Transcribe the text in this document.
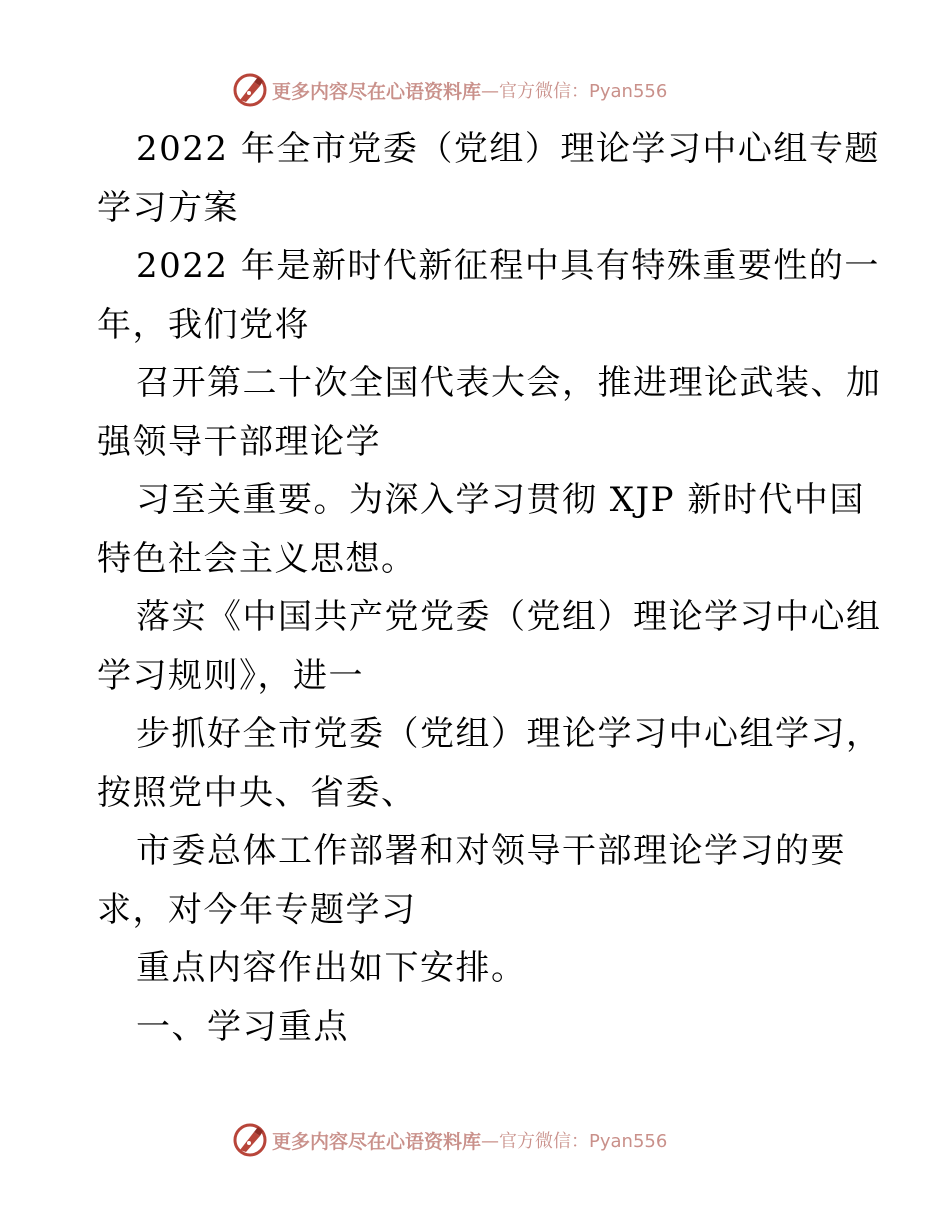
更多内容尽在心语资料库 —官方微信：Pyan556
2022 年全市党委（党组）理论学习中心组专题
学习方案
2022 年是新时代新征程中具有特殊重要性的一
年，我们党将
召开第二十次全国代表大会，推进理论武装、加
强领导干部理论学
习至关重要。为深入学习贯彻 XJP 新时代中国
特色社会主义思想。
落实《中国共产党党委（党组）理论学习中心组
学习规则》，进一
步抓好全市党委（党组）理论学习中心组学习，
按照党中央、省委、
市委总体工作部署和对领导干部理论学习的要
求，对今年专题学习
重点内容作出如下安排。
一、学习重点
更多内容尽在心语资料库 —官方微信：Pyan556
